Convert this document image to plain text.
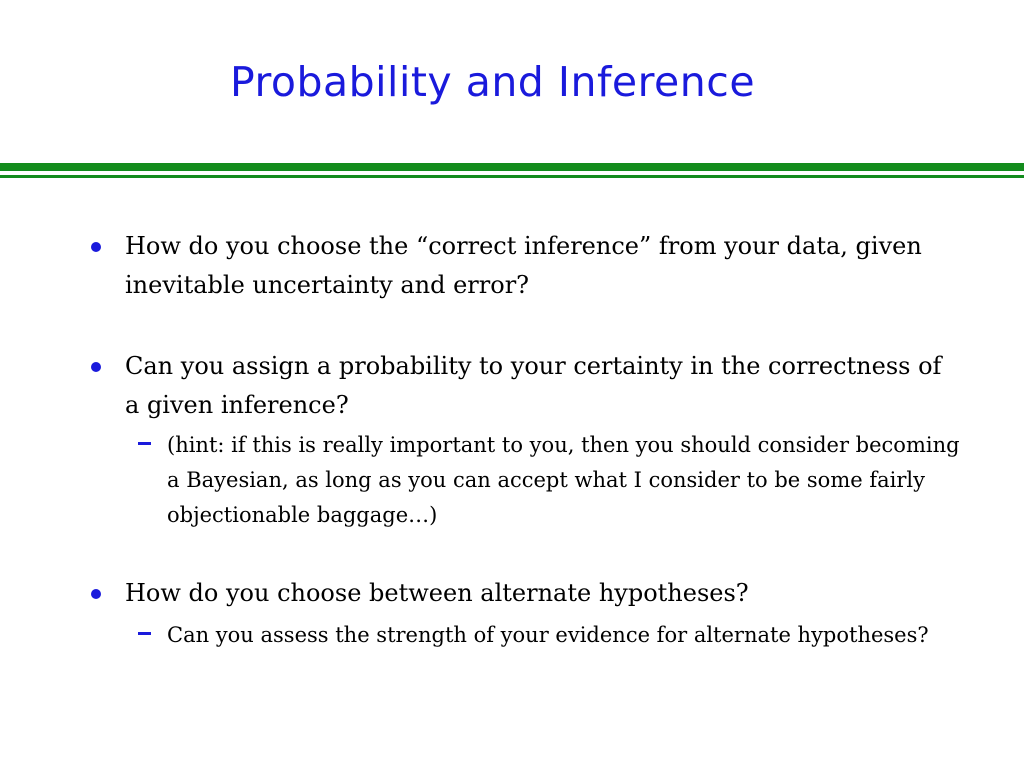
Probability and Inference
How do you choose the “correct inference” from your data, given inevitable uncertainty and error?
Can you assign a probability to your certainty in the correctness of a given inference?
(hint: if this is really important to you, then you should consider becoming a Bayesian, as long as you can accept what I consider to be some fairly objectionable baggage…)
How do you choose between alternate hypotheses?
Can you assess the strength of your evidence for alternate hypotheses?
